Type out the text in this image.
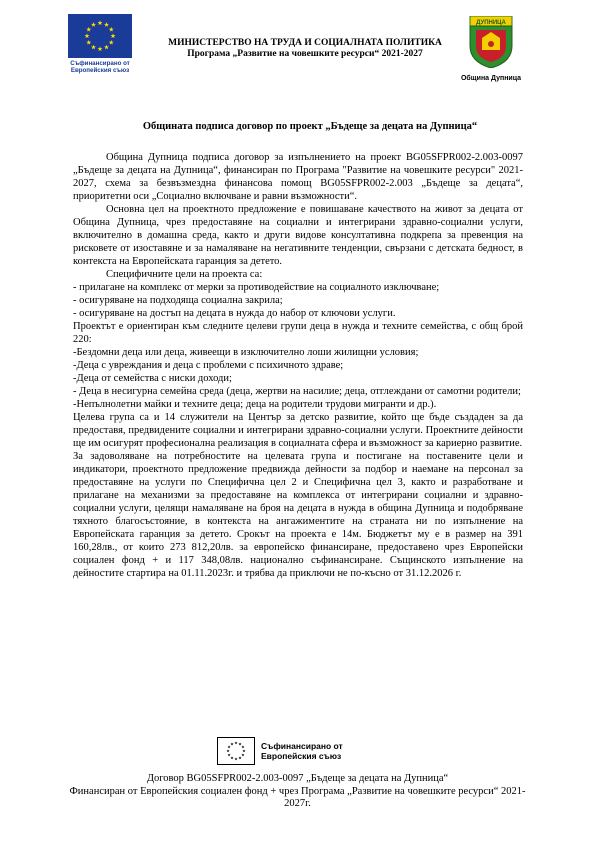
Съфинансирано от
Европейския съюз
МИНИСТЕРСТВО НА ТРУДА И СОЦИАЛНАТА ПОЛИТИКА
Програма „Развитие на човешките ресурси“ 2021-2027
ДУПНИЦА
Община Дупница
Общината подписа договор по проект „Бъдеще за децата на Дупница“

Община Дупница подписа договор за изпълнението на проект BG05SFPR002-2.003-0097 „Бъдеще за децата на Дупница“, финансиран по Програма "Развитие на човешките ресурси" 2021-2027, схема за безвъзмездна финансова помощ BG05SFPR002-2.003 „Бъдеще за децата“, приоритетни оси „Социално включване и равни възможности“.

Основна цел на проектното предложение е повишаване качеството на живот за децата от Община Дупница, чрез предоставяне на социални и интегрирани здравно-социални услуги, включително в домашна среда, както и други видове консултативна подкрепа за превенция на рисковете от изоставяне и за намаляване на негативните тенденции, свързани с детската бедност, в контекста на Европейската гаранция за детето.

Специфичните цели на проекта са:

- прилагане на комплекс от мерки за противодействие на социалното изключване;

- осигуряване на подходяща социална закрила;

- осигуряване на достъп на децата в нужда до набор от ключови услуги.

Проектът е ориентиран към следните целеви групи деца в нужда и техните семейства, с общ брой 220:

-Бездомни деца или деца, живеещи в изключително лоши жилищни условия;

-Деца с увреждания и деца с проблеми с психичното здраве;

-Деца от семейства с ниски доходи;

- Деца в несигурна семейна среда (деца, жертви на насилие; деца, отглеждани от самотни родители;

-Непълнолетни майки и техните деца; деца на родители трудови мигранти и др.).

Целева група са и 14 служители на Център за детско развитие, който ще бъде създаден за да предоставя, предвидените социални и интегрирани здравно-социални услуги. Проектните дейности ще им осигурят професионална реализация в социалната сфера и възможност за кариерно развитие.

За задоволяване на потребностите на целевата група и постигане на поставените цели и индикатори, проектното предложение предвижда дейности за подбор и наемане на персонал за предоставяне на услуги по Специфична цел 2 и Специфична цел 3, както и разработване и прилагане на механизми за предоставяне на комплекса от интегрирани социални и здравно-социални услуги, целящи намаляване на броя на децата в нужда в община Дупница и подобряване тяхното благосъстояние, в контекста на ангажиментите на страната ни по изпълнение на Европейската гаранция за детето. Срокът на проекта е 14м. Бюджетът му е в размер на 391 160,28лв., от които 273 812,20лв. за европейско финансиране, предоставено чрез Европейски социален фонд + и 117 348,08лв. национално съфинансиране. Същинското изпълнение на дейностите стартира на 01.11.2023г. и трябва да приключи не по-късно от 31.12.2026 г.

Съфинансирано от
Европейския съюз
Договор BG05SFPR002-2.003-0097 „Бъдеще за децата на Дупница“
Финансиран от Европейския социален фонд + чрез Програма „Развитие на човешките ресурси“ 2021-2027г.
